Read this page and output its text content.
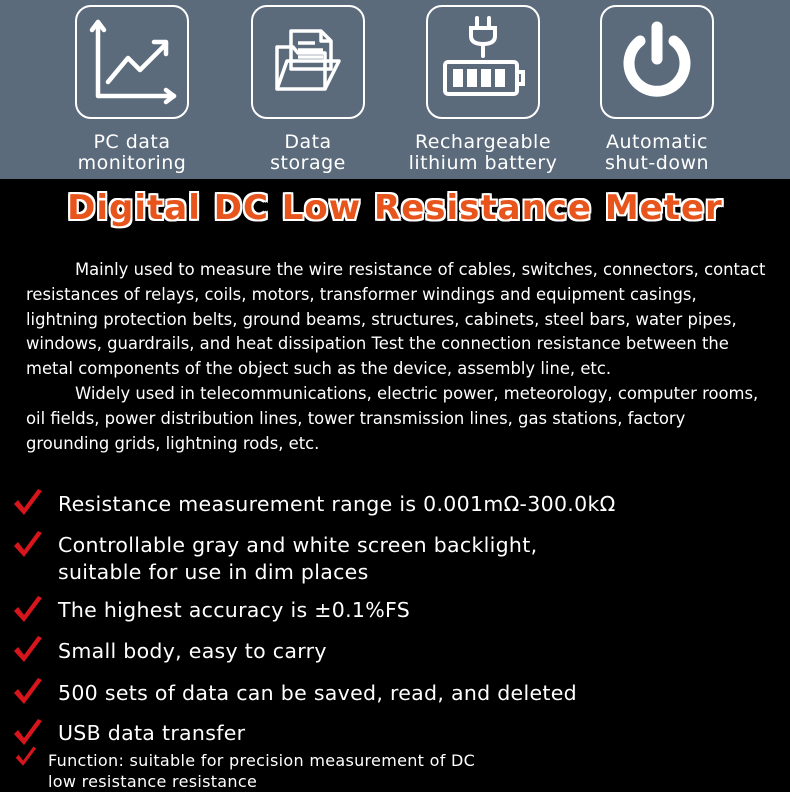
PC data
monitoring
Data
storage
Rechargeable
lithium battery
Automatic
shut-down
Digital DC Low Resistance Meter

Mainly used to measure the wire resistance of cables, switches, connectors, contact resistances of relays, coils, motors, transformer windings and equipment casings, lightning protection belts, ground beams, structures, cabinets, steel bars, water pipes, windows, guardrails, and heat dissipation Test the connection resistance between the metal components of the object such as the device, assembly line, etc.

Widely used in telecommunications, electric power, meteorology, computer rooms, oil fields, power distribution lines, tower transmission lines, gas stations, factory grounding grids, lightning rods, etc.

Resistance measurement range is 0.001mΩ-300.0kΩ
Controllable gray and white screen backlight,
suitable for use in dim places
The highest accuracy is ±0.1%FS
Small body, easy to carry
500 sets of data can be saved, read, and deleted
USB data transfer
Function: suitable for precision measurement of DC
low resistance resistance
